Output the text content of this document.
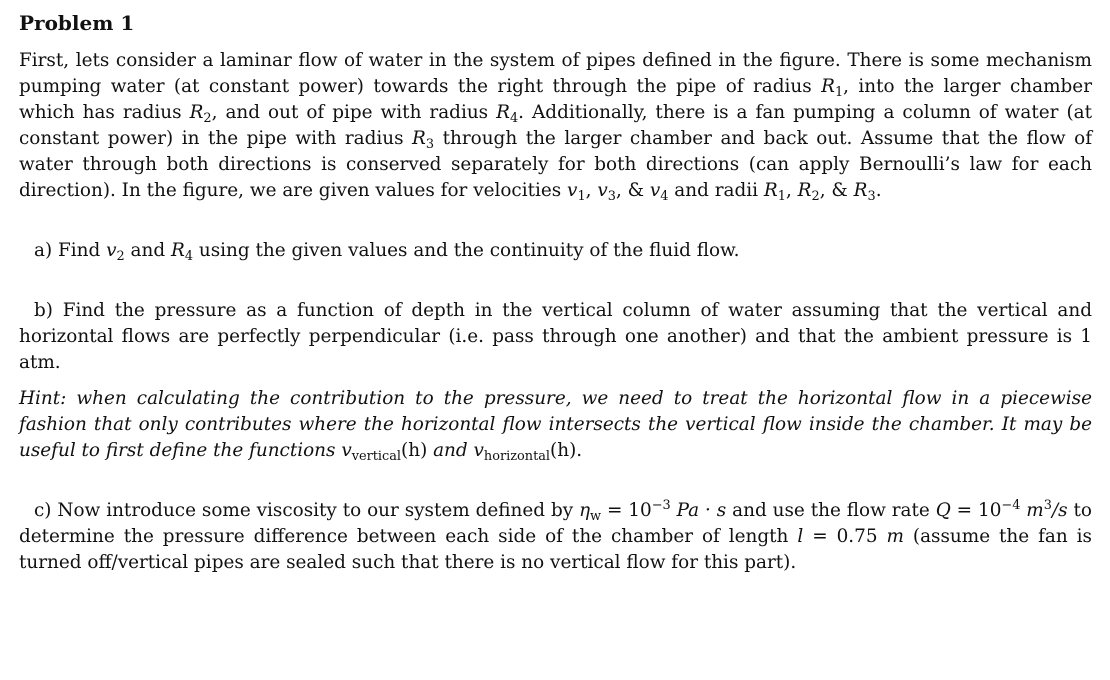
Problem 1

First, lets consider a laminar flow of water in the system of pipes defined in the figure. There is some mechanism pumping water (at constant power) towards the right through the pipe of radius $R_1$, into the larger chamber which has radius $R_2$, and out of pipe with radius $R_4$. Additionally, there is a fan pumping a column of water (at constant power) in the pipe with radius $R_3$ through the larger chamber and back out. Assume that the flow of water through both directions is conserved separately for both directions (can apply Bernoulli’s law for each direction). In the figure, we are given values for velocities $v_1$, $v_3$, & $v_4$ and radii $R_1$, $R_2$, & $R_3$.

a) Find $v_2$ and $R_4$ using the given values and the continuity of the fluid flow.

b) Find the pressure as a function of depth in the vertical column of water assuming that the vertical and horizontal flows are perfectly perpendicular (i.e. pass through one another) and that the ambient pressure is 1 atm.

Hint: when calculating the contribution to the pressure, we need to treat the horizontal flow in a piecewise fashion that only contributes where the horizontal flow intersects the vertical flow inside the chamber. It may be useful to first define the functions $v_{vertical}(h)$ and $v_{horizontal}(h)$.

c) Now introduce some viscosity to our system defined by $\eta_w = 10^{-3}$ Pa · s and use the flow rate $Q = 10^{-4}$ $m^3/s$ to determine the pressure difference between each side of the chamber of length l = 0.75 m (assume the fan is turned off/vertical pipes are sealed such that there is no vertical flow for this part).
